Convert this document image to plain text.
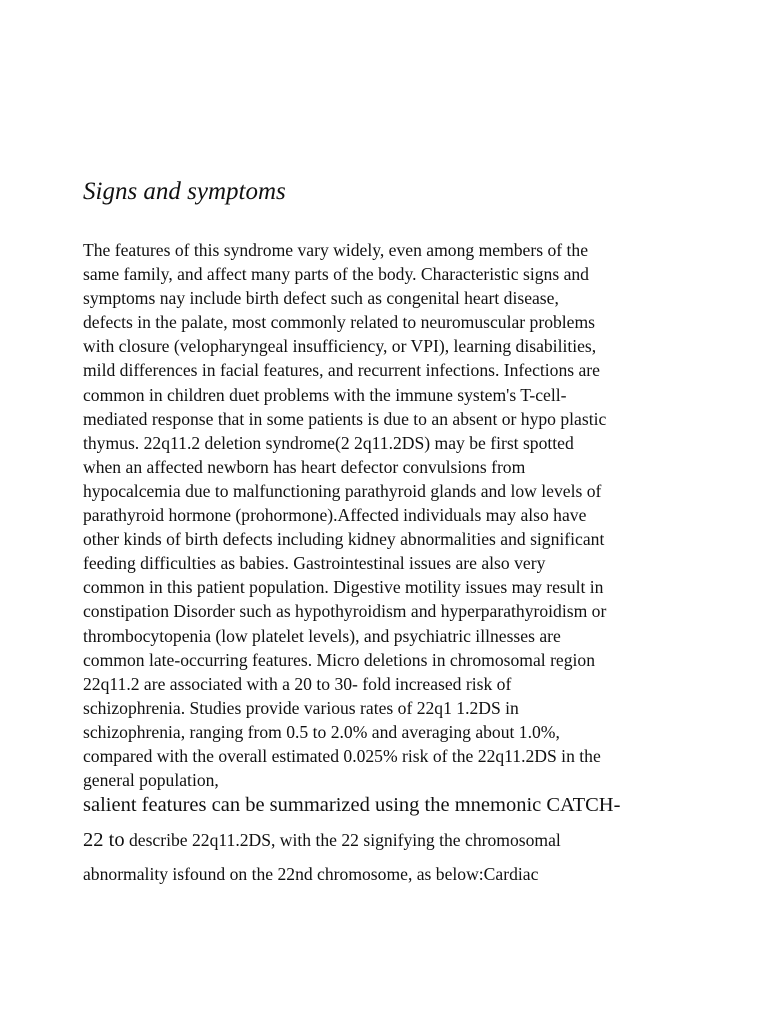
Signs and symptoms
The features of this syndrome vary widely, even among members of the
same family, and affect many parts of the body. Characteristic signs and
symptoms nay include birth defect such as congenital heart disease,
defects in the palate, most commonly related to neuromuscular problems
with closure (velopharyngeal insufficiency, or VPI), learning disabilities,
mild differences in facial features, and recurrent infections. Infections are
common in children duet problems with the immune system's T-cell-
mediated response that in some patients is due to an absent or hypo plastic
thymus. 22q11.2 deletion syndrome(2 2q11.2DS) may be first spotted
when an affected newborn has heart defector convulsions from
hypocalcemia due to malfunctioning parathyroid glands and low levels of
parathyroid hormone (prohormone).Affected individuals may also have
other kinds of birth defects including kidney abnormalities and significant
feeding difficulties as babies. Gastrointestinal issues are also very
common in this patient population. Digestive motility issues may result in
constipation Disorder such as hypothyroidism and hyperparathyroidism or
thrombocytopenia (low platelet levels), and psychiatric illnesses are
common late-occurring features. Micro deletions in chromosomal region
22q11.2 are associated with a 20 to 30- fold increased risk of
schizophrenia. Studies provide various rates of 22q1 1.2DS in
schizophrenia, ranging from 0.5 to 2.0% and averaging about 1.0%,
compared with the overall estimated 0.025% risk of the 22q11.2DS in the
general population,
salient features can be summarized using the mnemonic CATCH-
22 to describe 22q11.2DS, with the 22 signifying the chromosomal
abnormality isfound on the 22nd chromosome, as below:Cardiac
